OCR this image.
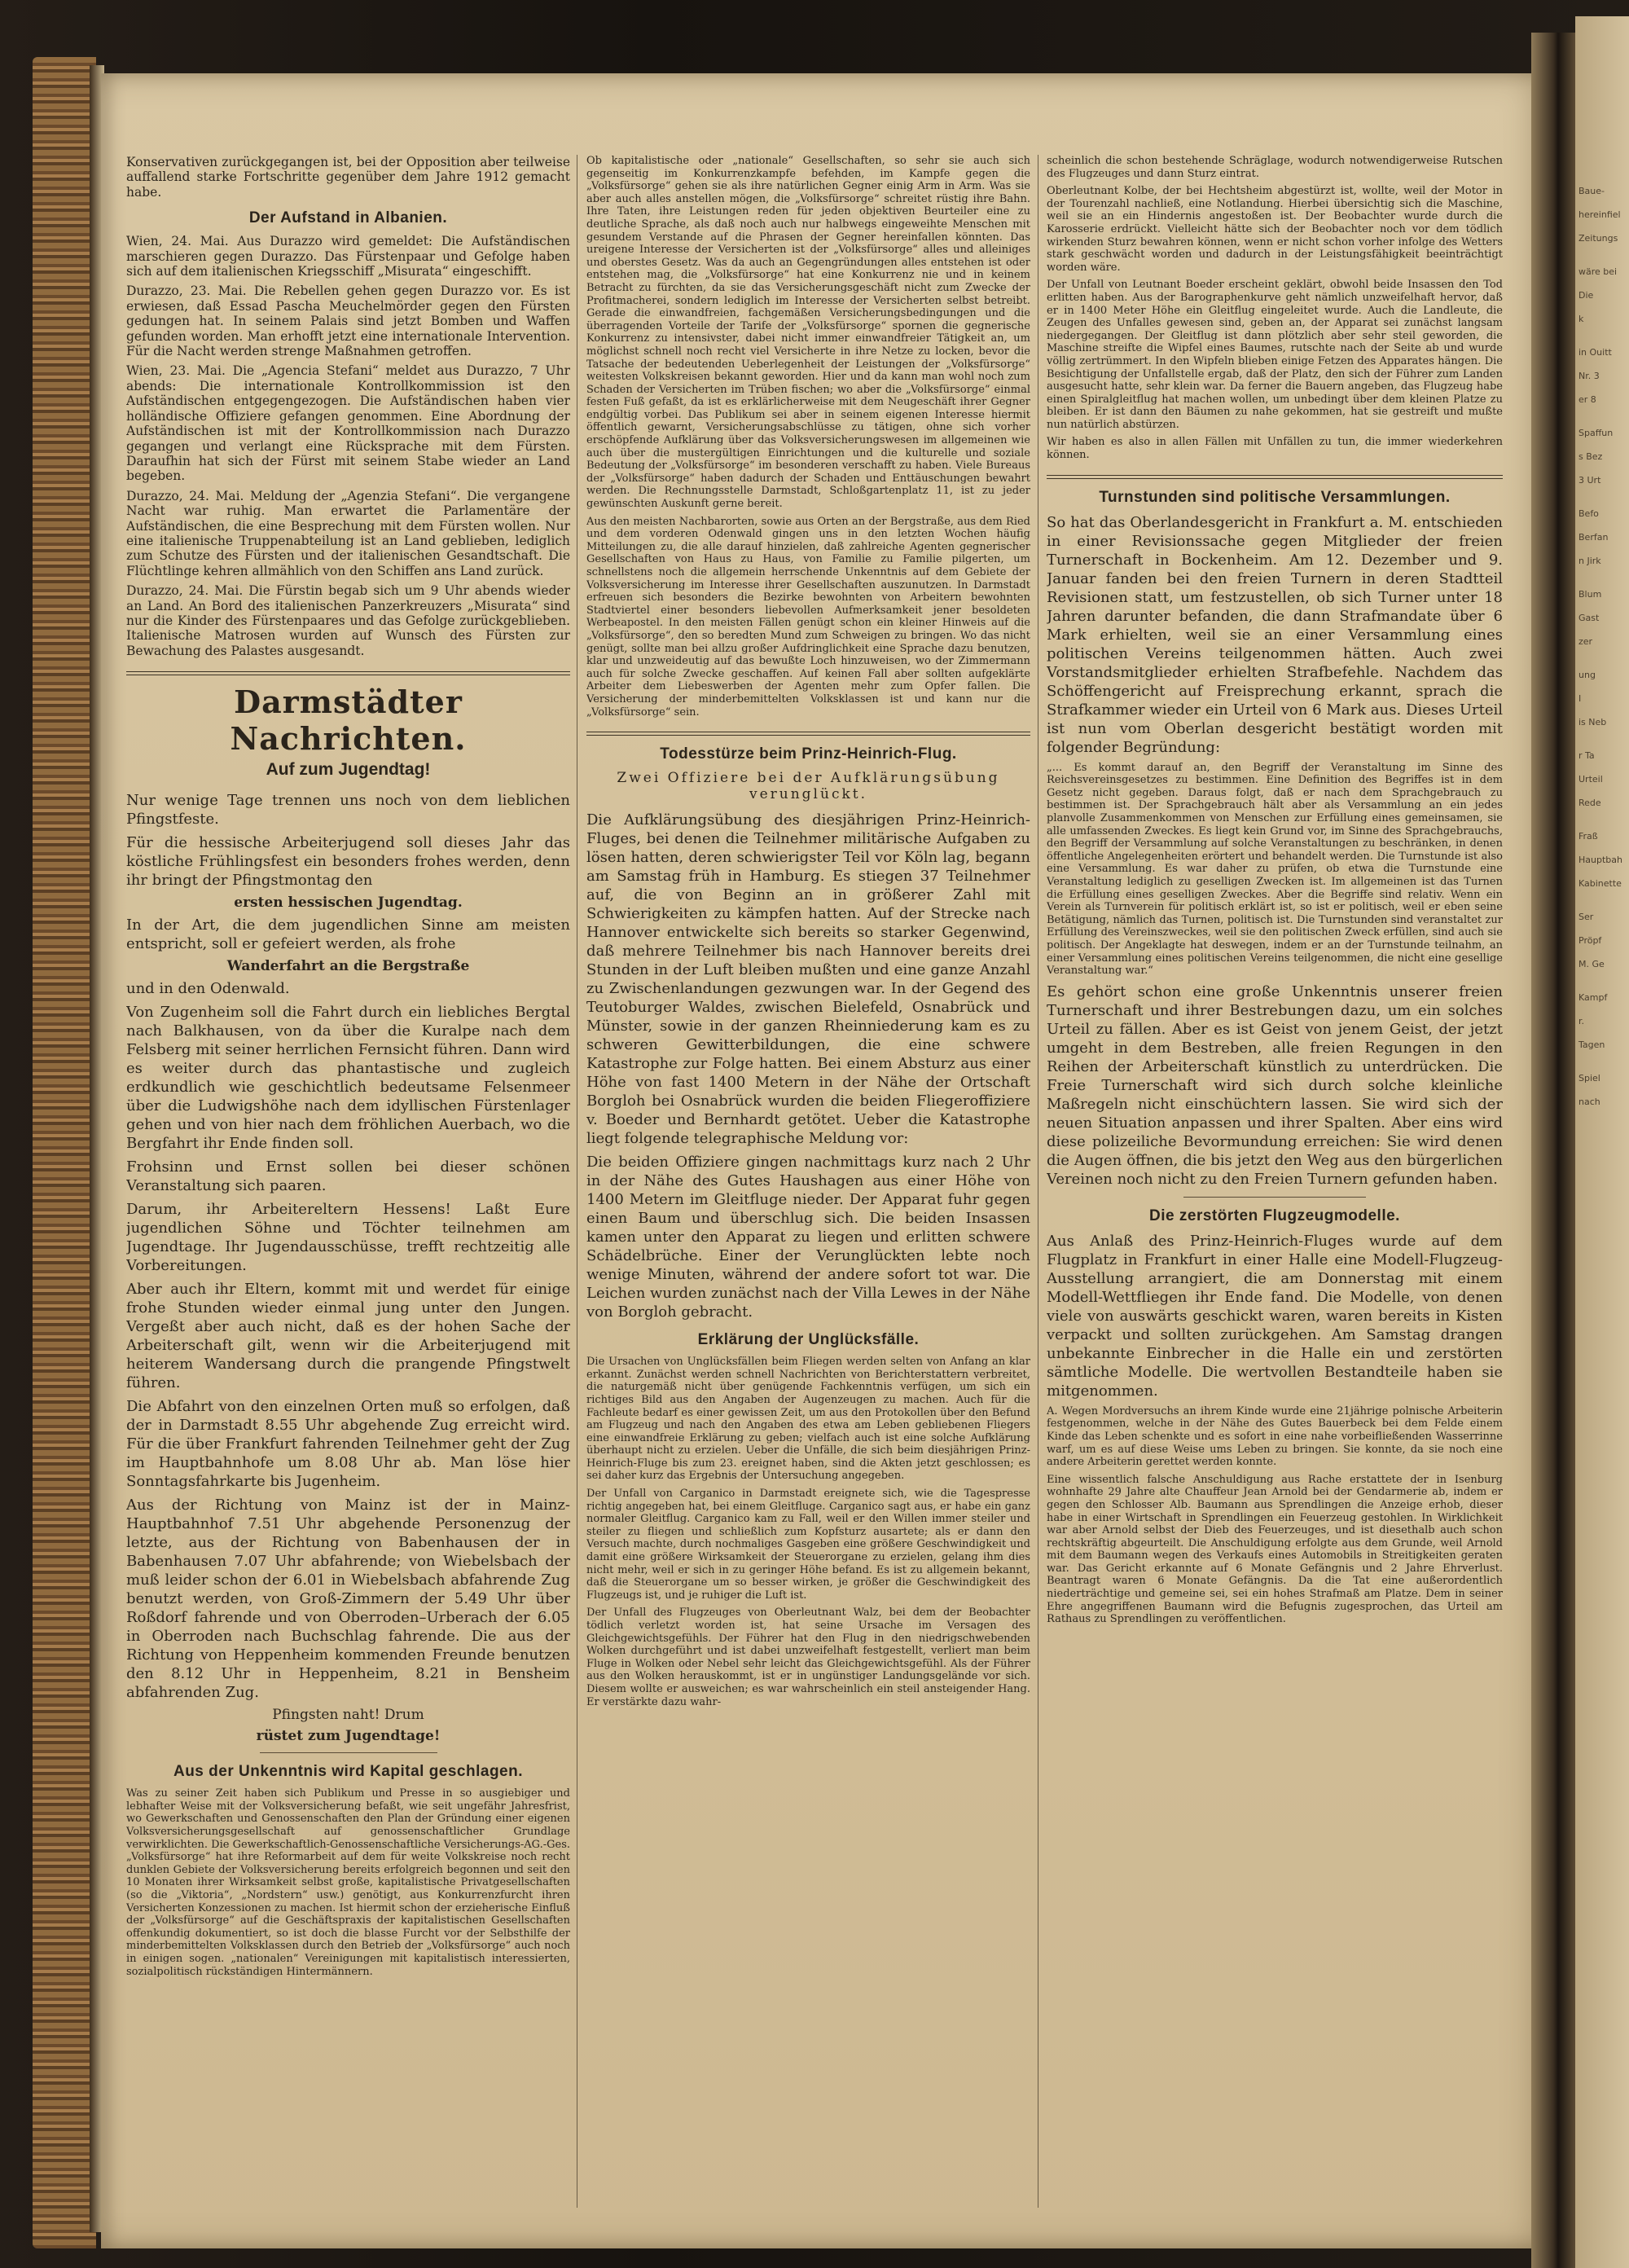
Baue-
hereinfiel
Zeitungs
wäre bei
Die
k
in Ouitt
Nr. 3
er 8
Spaffun
s Bez
3 Urt
Befo
Berfan
n Jirk
Blum
Gast
zer
ung
I
is Neb
r Ta
Urteil
Rede
Fraß
Hauptbah
Kabinette
Ser
Pröpf
M. Ge
Kampf
r.
Tagen
Spiel
nach

Konservativen zurückgegangen ist, bei der Opposition aber teilweise auffallend starke Fortschritte gegenüber dem Jahre 1912 gemacht habe.

Der Aufstand in Albanien.

Wien, 24. Mai. Aus Durazzo wird gemeldet: Die Aufständischen marschieren gegen Durazzo. Das Fürstenpaar und Gefolge haben sich auf dem italienischen Kriegsschiff „Misurata“ eingeschifft.

Durazzo, 23. Mai. Die Rebellen gehen gegen Durazzo vor. Es ist erwiesen, daß Essad Pascha Meuchelmörder gegen den Fürsten gedungen hat. In seinem Palais sind jetzt Bomben und Waffen gefunden worden. Man erhofft jetzt eine internationale Intervention. Für die Nacht werden strenge Maßnahmen getroffen.

Wien, 23. Mai. Die „Agencia Stefani“ meldet aus Durazzo, 7 Uhr abends: Die internationale Kontrollkommission ist den Aufständischen entgegengezogen. Die Aufständischen haben vier holländische Offiziere gefangen genommen. Eine Abordnung der Aufständischen ist mit der Kontrollkommission nach Durazzo gegangen und verlangt eine Rücksprache mit dem Fürsten. Daraufhin hat sich der Fürst mit seinem Stabe wieder an Land begeben.

Durazzo, 24. Mai. Meldung der „Agenzia Stefani“. Die vergangene Nacht war ruhig. Man erwartet die Parlamentäre der Aufständischen, die eine Besprechung mit dem Fürsten wollen. Nur eine italienische Truppenabteilung ist an Land geblieben, lediglich zum Schutze des Fürsten und der italienischen Gesandtschaft. Die Flüchtlinge kehren allmählich von den Schiffen ans Land zurück.

Durazzo, 24. Mai. Die Fürstin begab sich um 9 Uhr abends wieder an Land. An Bord des italienischen Panzerkreuzers „Misurata“ sind nur die Kinder des Fürstenpaares und das Gefolge zurückgeblieben. Italienische Matrosen wurden auf Wunsch des Fürsten zur Bewachung des Palastes ausgesandt.

Darmstädter Nachrichten.
Auf zum Jugendtag!

Nur wenige Tage trennen uns noch von dem lieblichen Pfingstfeste.

Für die hessische Arbeiterjugend soll dieses Jahr das köstliche Frühlingsfest ein besonders frohes werden, denn ihr bringt der Pfingstmontag den

ersten hessischen Jugendtag.

In der Art, die dem jugendlichen Sinne am meisten entspricht, soll er gefeiert werden, als frohe

Wanderfahrt an die Bergstraße

und in den Odenwald.

Von Zugenheim soll die Fahrt durch ein liebliches Bergtal nach Balkhausen, von da über die Kuralpe nach dem Felsberg mit seiner herrlichen Fernsicht führen. Dann wird es weiter durch das phantastische und zugleich erdkundlich wie geschichtlich bedeutsame Felsenmeer über die Ludwigshöhe nach dem idyllischen Fürstenlager gehen und von hier nach dem fröhlichen Auerbach, wo die Bergfahrt ihr Ende finden soll.

Frohsinn und Ernst sollen bei dieser schönen Veranstaltung sich paaren.

Darum, ihr Arbeitereltern Hessens! Laßt Eure jugendlichen Söhne und Töchter teilnehmen am Jugendtage. Ihr Jugendausschüsse, trefft rechtzeitig alle Vorbereitungen.

Aber auch ihr Eltern, kommt mit und werdet für einige frohe Stunden wieder einmal jung unter den Jungen. Vergeßt aber auch nicht, daß es der hohen Sache der Arbeiterschaft gilt, wenn wir die Arbeiterjugend mit heiterem Wandersang durch die prangende Pfingstwelt führen.

Die Abfahrt von den einzelnen Orten muß so erfolgen, daß der in Darmstadt 8.55 Uhr abgehende Zug erreicht wird. Für die über Frankfurt fahrenden Teilnehmer geht der Zug im Hauptbahnhofe um 8.08 Uhr ab. Man löse hier Sonntagsfahrkarte bis Jugenheim.

Aus der Richtung von Mainz ist der in Mainz-Hauptbahnhof 7.51 Uhr abgehende Personenzug der letzte, aus der Richtung von Babenhausen der in Babenhausen 7.07 Uhr abfahrende; von Wiebelsbach der muß leider schon der 6.01 in Wiebelsbach abfahrende Zug benutzt werden, von Groß-Zimmern der 5.49 Uhr über Roßdorf fahrende und von Oberroden–Urberach der 6.05 in Oberroden nach Buchschlag fahrende. Die aus der Richtung von Heppenheim kommenden Freunde benutzen den 8.12 Uhr in Heppenheim, 8.21 in Bensheim abfahrenden Zug.

Pfingsten naht! Drum
rüstet zum Jugendtage!
Aus der Unkenntnis wird Kapital geschlagen.

Was zu seiner Zeit haben sich Publikum und Presse in so ausgiebiger und lebhafter Weise mit der Volksversicherung befaßt, wie seit ungefähr Jahresfrist, wo Gewerkschaften und Genossenschaften den Plan der Gründung einer eigenen Volksversicherungsgesellschaft auf genossenschaftlicher Grundlage verwirklichten. Die Gewerkschaftlich-Genossenschaftliche Versicherungs-AG.-Ges. „Volksfürsorge“ hat ihre Reformarbeit auf dem für weite Volkskreise noch recht dunklen Gebiete der Volksversicherung bereits erfolgreich begonnen und seit den 10 Monaten ihrer Wirksamkeit selbst große, kapitalistische Privatgesellschaften (so die „Viktoria“, „Nordstern“ usw.) genötigt, aus Konkurrenzfurcht ihren Versicherten Konzessionen zu machen. Ist hiermit schon der erzieherische Einfluß der „Volksfürsorge“ auf die Geschäftspraxis der kapitalistischen Gesellschaften offenkundig dokumentiert, so ist doch die blasse Furcht vor der Selbsthilfe der minderbemittelten Volksklassen durch den Betrieb der „Volksfürsorge“ auch noch in einigen sogen. „nationalen“ Vereinigungen mit kapitalistisch interessierten, sozialpolitisch rückständigen Hintermännern.

Ob kapitalistische oder „nationale“ Gesellschaften, so sehr sie auch sich gegenseitig im Konkurrenzkampfe befehden, im Kampfe gegen die „Volksfürsorge“ gehen sie als ihre natürlichen Gegner einig Arm in Arm. Was sie aber auch alles anstellen mögen, die „Volksfürsorge“ schreitet rüstig ihre Bahn. Ihre Taten, ihre Leistungen reden für jeden objektiven Beurteiler eine zu deutliche Sprache, als daß noch auch nur halbwegs eingeweihte Menschen mit gesundem Verstande auf die Phrasen der Gegner hereinfallen könnten. Das ureigene Interesse der Versicherten ist der „Volksfürsorge“ alles und alleiniges und oberstes Gesetz. Was da auch an Gegengründungen alles entstehen ist oder entstehen mag, die „Volksfürsorge“ hat eine Konkurrenz nie und in keinem Betracht zu fürchten, da sie das Versicherungsgeschäft nicht zum Zwecke der Profitmacherei, sondern lediglich im Interesse der Versicherten selbst betreibt. Gerade die einwandfreien, fachgemäßen Versicherungsbedingungen und die überragenden Vorteile der Tarife der „Volksfürsorge“ spornen die gegnerische Konkurrenz zu intensivster, dabei nicht immer einwandfreier Tätigkeit an, um möglichst schnell noch recht viel Versicherte in ihre Netze zu locken, bevor die Tatsache der bedeutenden Ueberlegenheit der Leistungen der „Volksfürsorge“ weitesten Volkskreisen bekannt geworden. Hier und da kann man wohl noch zum Schaden der Versicherten im Trüben fischen; wo aber die „Volksfürsorge“ einmal festen Fuß gefaßt, da ist es erklärlicherweise mit dem Neugeschäft ihrer Gegner endgültig vorbei. Das Publikum sei aber in seinem eigenen Interesse hiermit öffentlich gewarnt, Versicherungsabschlüsse zu tätigen, ohne sich vorher erschöpfende Aufklärung über das Volksversicherungswesen im allgemeinen wie auch über die mustergültigen Einrichtungen und die kulturelle und soziale Bedeutung der „Volksfürsorge“ im besonderen verschafft zu haben. Viele Bureaus der „Volksfürsorge“ haben dadurch der Schaden und Enttäuschungen bewahrt werden. Die Rechnungsstelle Darmstadt, Schloßgartenplatz 11, ist zu jeder gewünschten Auskunft gerne bereit.

Aus den meisten Nachbarorten, sowie aus Orten an der Bergstraße, aus dem Ried und dem vorderen Odenwald gingen uns in den letzten Wochen häufig Mitteilungen zu, die alle darauf hinzielen, daß zahlreiche Agenten gegnerischer Gesellschaften von Haus zu Haus, von Familie zu Familie pilgerten, um schnellstens noch die allgemein herrschende Unkenntnis auf dem Gebiete der Volksversicherung im Interesse ihrer Gesellschaften auszunutzen. In Darmstadt erfreuen sich besonders die Bezirke bewohnten von Arbeitern bewohnten Stadtviertel einer besonders liebevollen Aufmerksamkeit jener besoldeten Werbeapostel. In den meisten Fällen genügt schon ein kleiner Hinweis auf die „Volksfürsorge“, den so beredten Mund zum Schweigen zu bringen. Wo das nicht genügt, sollte man bei allzu großer Aufdringlichkeit eine Sprache dazu benutzen, klar und unzweideutig auf das bewußte Loch hinzuweisen, wo der Zimmermann auch für solche Zwecke geschaffen. Auf keinen Fall aber sollten aufgeklärte Arbeiter dem Liebeswerben der Agenten mehr zum Opfer fallen. Die Versicherung der minderbemittelten Volksklassen ist und kann nur die „Volksfürsorge“ sein.

Todesstürze beim Prinz-Heinrich-Flug.
Zwei Offiziere bei der Aufklärungsübung verunglückt.

Die Aufklärungsübung des diesjährigen Prinz-Heinrich-Fluges, bei denen die Teilnehmer militärische Aufgaben zu lösen hatten, deren schwierigster Teil vor Köln lag, begann am Samstag früh in Hamburg. Es stiegen 37 Teilnehmer auf, die von Beginn an in größerer Zahl mit Schwierigkeiten zu kämpfen hatten. Auf der Strecke nach Hannover entwickelte sich bereits so starker Gegenwind, daß mehrere Teilnehmer bis nach Hannover bereits drei Stunden in der Luft bleiben mußten und eine ganze Anzahl zu Zwischenlandungen gezwungen war. In der Gegend des Teutoburger Waldes, zwischen Bielefeld, Osnabrück und Münster, sowie in der ganzen Rheinniederung kam es zu schweren Gewitterbildungen, die eine schwere Katastrophe zur Folge hatten. Bei einem Absturz aus einer Höhe von fast 1400 Metern in der Nähe der Ortschaft Borgloh bei Osnabrück wurden die beiden Fliegeroffiziere v. Boeder und Bernhardt getötet. Ueber die Katastrophe liegt folgende telegraphische Meldung vor:

Die beiden Offiziere gingen nachmittags kurz nach 2 Uhr in der Nähe des Gutes Haushagen aus einer Höhe von 1400 Metern im Gleitfluge nieder. Der Apparat fuhr gegen einen Baum und überschlug sich. Die beiden Insassen kamen unter den Apparat zu liegen und erlitten schwere Schädelbrüche. Einer der Verunglückten lebte noch wenige Minuten, während der andere sofort tot war. Die Leichen wurden zunächst nach der Villa Lewes in der Nähe von Borgloh gebracht.

Erklärung der Unglücksfälle.

Die Ursachen von Unglücksfällen beim Fliegen werden selten von Anfang an klar erkannt. Zunächst werden schnell Nachrichten von Berichterstattern verbreitet, die naturgemäß nicht über genügende Fachkenntnis verfügen, um sich ein richtiges Bild aus den Angaben der Augenzeugen zu machen. Auch für die Fachleute bedarf es einer gewissen Zeit, um aus den Protokollen über den Befund am Flugzeug und nach den Angaben des etwa am Leben gebliebenen Fliegers eine einwandfreie Erklärung zu geben; vielfach auch ist eine solche Aufklärung überhaupt nicht zu erzielen. Ueber die Unfälle, die sich beim diesjährigen Prinz-Heinrich-Fluge bis zum 23. ereignet haben, sind die Akten jetzt geschlossen; es sei daher kurz das Ergebnis der Untersuchung angegeben.

Der Unfall von Carganico in Darmstadt ereignete sich, wie die Tagespresse richtig angegeben hat, bei einem Gleitfluge. Carganico sagt aus, er habe ein ganz normaler Gleitflug. Carganico kam zu Fall, weil er den Willen immer steiler und steiler zu fliegen und schließlich zum Kopfsturz ausartete; als er dann den Versuch machte, durch nochmaliges Gasgeben eine größere Geschwindigkeit und damit eine größere Wirksamkeit der Steuerorgane zu erzielen, gelang ihm dies nicht mehr, weil er sich in zu geringer Höhe befand. Es ist zu allgemein bekannt, daß die Steuerorgane um so besser wirken, je größer die Geschwindigkeit des Flugzeugs ist, und je ruhiger die Luft ist.

Der Unfall des Flugzeuges von Oberleutnant Walz, bei dem der Beobachter tödlich verletzt worden ist, hat seine Ursache im Versagen des Gleichgewichtsgefühls. Der Führer hat den Flug in den niedrigschwebenden Wolken durchgeführt und ist dabei unzweifelhaft festgestellt, verliert man beim Fluge in Wolken oder Nebel sehr leicht das Gleichgewichtsgefühl. Als der Führer aus den Wolken herauskommt, ist er in ungünstiger Landungsgelände vor sich. Diesem wollte er ausweichen; es war wahrscheinlich ein steil ansteigender Hang. Er verstärkte dazu wahr-

scheinlich die schon bestehende Schräglage, wodurch notwendigerweise Rutschen des Flugzeuges und dann Sturz eintrat.

Oberleutnant Kolbe, der bei Hechtsheim abgestürzt ist, wollte, weil der Motor in der Tourenzahl nachließ, eine Notlandung. Hierbei übersichtig sich die Maschine, weil sie an ein Hindernis angestoßen ist. Der Beobachter wurde durch die Karosserie erdrückt. Vielleicht hätte sich der Beobachter noch vor dem tödlich wirkenden Sturz bewahren können, wenn er nicht schon vorher infolge des Wetters stark geschwächt worden und dadurch in der Leistungsfähigkeit beeinträchtigt worden wäre.

Der Unfall von Leutnant Boeder erscheint geklärt, obwohl beide Insassen den Tod erlitten haben. Aus der Barographenkurve geht nämlich unzweifelhaft hervor, daß er in 1400 Meter Höhe ein Gleitflug eingeleitet wurde. Auch die Landleute, die Zeugen des Unfalles gewesen sind, geben an, der Apparat sei zunächst langsam niedergegangen. Der Gleitflug ist dann plötzlich aber sehr steil geworden, die Maschine streifte die Wipfel eines Baumes, rutschte nach der Seite ab und wurde völlig zertrümmert. In den Wipfeln blieben einige Fetzen des Apparates hängen. Die Besichtigung der Unfallstelle ergab, daß der Platz, den sich der Führer zum Landen ausgesucht hatte, sehr klein war. Da ferner die Bauern angeben, das Flugzeug habe einen Spiralgleitflug hat machen wollen, um unbedingt über dem kleinen Platze zu bleiben. Er ist dann den Bäumen zu nahe gekommen, hat sie gestreift und mußte nun natürlich abstürzen.

Wir haben es also in allen Fällen mit Unfällen zu tun, die immer wiederkehren können.

Turnstunden sind politische Versammlungen.

So hat das Oberlandesgericht in Frankfurt a. M. entschieden in einer Revisionssache gegen Mitglieder der freien Turnerschaft in Bockenheim. Am 12. Dezember und 9. Januar fanden bei den freien Turnern in deren Stadtteil Revisionen statt, um festzustellen, ob sich Turner unter 18 Jahren darunter befanden, die dann Strafmandate über 6 Mark erhielten, weil sie an einer Versammlung eines politischen Vereins teilgenommen hätten. Auch zwei Vorstandsmitglieder erhielten Strafbefehle. Nachdem das Schöffengericht auf Freisprechung erkannt, sprach die Strafkammer wieder ein Urteil von 6 Mark aus. Dieses Urteil ist nun vom Oberlan desgericht bestätigt worden mit folgender Begründung:

„... Es kommt darauf an, den Begriff der Veranstaltung im Sinne des Reichsvereinsgesetzes zu bestimmen. Eine Definition des Begriffes ist in dem Gesetz nicht gegeben. Daraus folgt, daß er nach dem Sprachgebrauch zu bestimmen ist. Der Sprachgebrauch hält aber als Versammlung an ein jedes planvolle Zusammenkommen von Menschen zur Erfüllung eines gemeinsamen, sie alle umfassenden Zweckes. Es liegt kein Grund vor, im Sinne des Sprachgebrauchs, den Begriff der Versammlung auf solche Veranstaltungen zu beschränken, in denen öffentliche Angelegenheiten erörtert und behandelt werden. Die Turnstunde ist also eine Versammlung. Es war daher zu prüfen, ob etwa die Turnstunde eine Veranstaltung lediglich zu geselligen Zwecken ist. Im allgemeinen ist das Turnen die Erfüllung eines geselligen Zweckes. Aber die Begriffe sind relativ. Wenn ein Verein als Turnverein für politisch erklärt ist, so ist er politisch, weil er eben seine Betätigung, nämlich das Turnen, politisch ist. Die Turnstunden sind veranstaltet zur Erfüllung des Vereinszweckes, weil sie den politischen Zweck erfüllen, sind auch sie politisch. Der Angeklagte hat deswegen, indem er an der Turnstunde teilnahm, an einer Versammlung eines politischen Vereins teilgenommen, die nicht eine gesellige Veranstaltung war.“

Es gehört schon eine große Unkenntnis unserer freien Turnerschaft und ihrer Bestrebungen dazu, um ein solches Urteil zu fällen. Aber es ist Geist von jenem Geist, der jetzt umgeht in dem Bestreben, alle freien Regungen in den Reihen der Arbeiterschaft künstlich zu unterdrücken. Die Freie Turnerschaft wird sich durch solche kleinliche Maßregeln nicht einschüchtern lassen. Sie wird sich der neuen Situation anpassen und ihrer Spalten. Aber eins wird diese polizeiliche Bevormundung erreichen: Sie wird denen die Augen öffnen, die bis jetzt den Weg aus den bürgerlichen Vereinen noch nicht zu den Freien Turnern gefunden haben.

Die zerstörten Flugzeugmodelle.

Aus Anlaß des Prinz-Heinrich-Fluges wurde auf dem Flugplatz in Frankfurt in einer Halle eine Modell-Flugzeug-Ausstellung arrangiert, die am Donnerstag mit einem Modell-Wettfliegen ihr Ende fand. Die Modelle, von denen viele von auswärts geschickt waren, waren bereits in Kisten verpackt und sollten zurückgehen. Am Samstag drangen unbekannte Einbrecher in die Halle ein und zerstörten sämtliche Modelle. Die wertvollen Bestandteile haben sie mitgenommen.

A. Wegen Mordversuchs an ihrem Kinde wurde eine 21jährige polnische Arbeiterin festgenommen, welche in der Nähe des Gutes Bauerbeck bei dem Felde einem Kinde das Leben schenkte und es sofort in eine nahe vorbeifließenden Wasserrinne warf, um es auf diese Weise ums Leben zu bringen. Sie konnte, da sie noch eine andere Arbeiterin gerettet werden konnte.

Eine wissentlich falsche Anschuldigung aus Rache erstattete der in Isenburg wohnhafte 29 Jahre alte Chauffeur Jean Arnold bei der Gendarmerie ab, indem er gegen den Schlosser Alb. Baumann aus Sprendlingen die Anzeige erhob, dieser habe in einer Wirtschaft in Sprendlingen ein Feuerzeug gestohlen. In Wirklichkeit war aber Arnold selbst der Dieb des Feuerzeuges, und ist diesethalb auch schon rechtskräftig abgeurteilt. Die Anschuldigung erfolgte aus dem Grunde, weil Arnold mit dem Baumann wegen des Verkaufs eines Automobils in Streitigkeiten geraten war. Das Gericht erkannte auf 6 Monate Gefängnis und 2 Jahre Ehrverlust. Beantragt waren 6 Monate Gefängnis. Da die Tat eine außerordentlich niederträchtige und gemeine sei, sei ein hohes Strafmaß am Platze. Dem in seiner Ehre angegriffenen Baumann wird die Befugnis zugesprochen, das Urteil am Rathaus zu Sprendlingen zu veröffentlichen.
